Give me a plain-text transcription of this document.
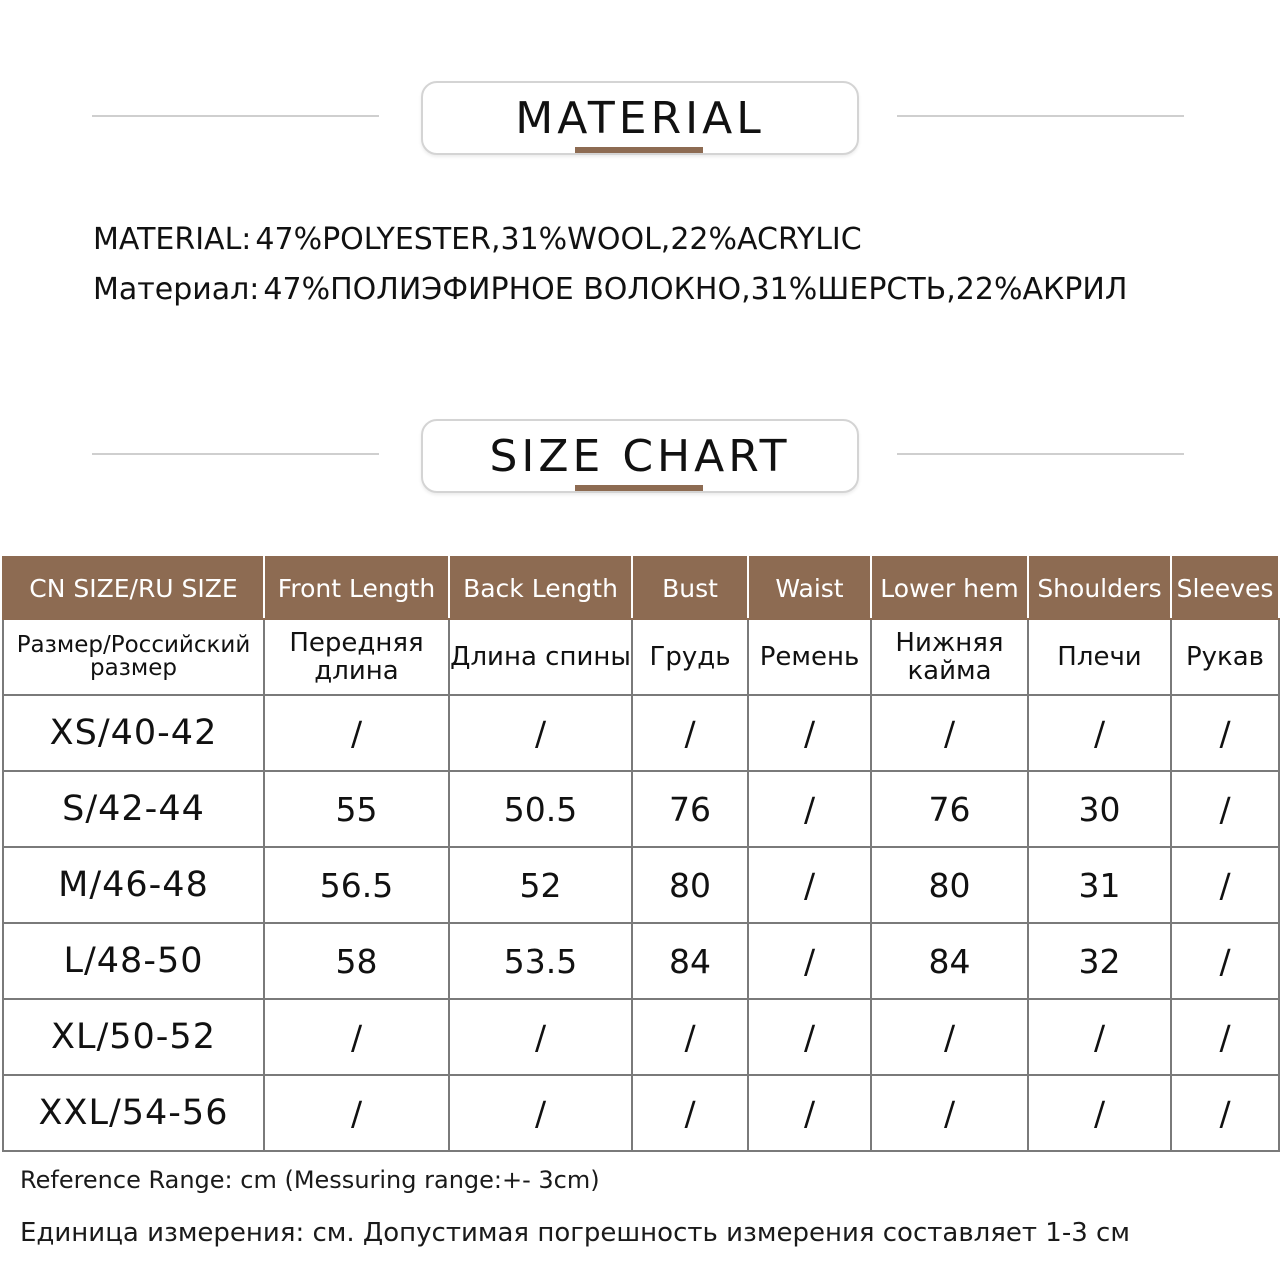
MATERIAL
MATERIAL: 47%POLYESTER,31%WOOL,22%ACRYLIC
Материал: 47%ПОЛИЭФИРНОЕ ВОЛОКНО,31%ШЕРСТЬ,22%АКРИЛ
SIZE CHART
CN SIZE/RU SIZE	Front Length	Back Length	Bust	Waist	Lower hem	Shoulders	Sleeves
Размер/Российский размер	Передняя длина	Длина спины	Грудь	Ремень	Нижняя кайма	Плечи	Рукав
XS/40-42	/	/	/	/	/	/	/
S/42-44	55	50.5	76	/	76	30	/
M/46-48	56.5	52	80	/	80	31	/
L/48-50	58	53.5	84	/	84	32	/
XL/50-52	/	/	/	/	/	/	/
XXL/54-56	/	/	/	/	/	/	/
Reference Range: cm (Messuring range:+- 3cm)
Единица измерения: см. Допустимая погрешность измерения составляет 1-3 см
